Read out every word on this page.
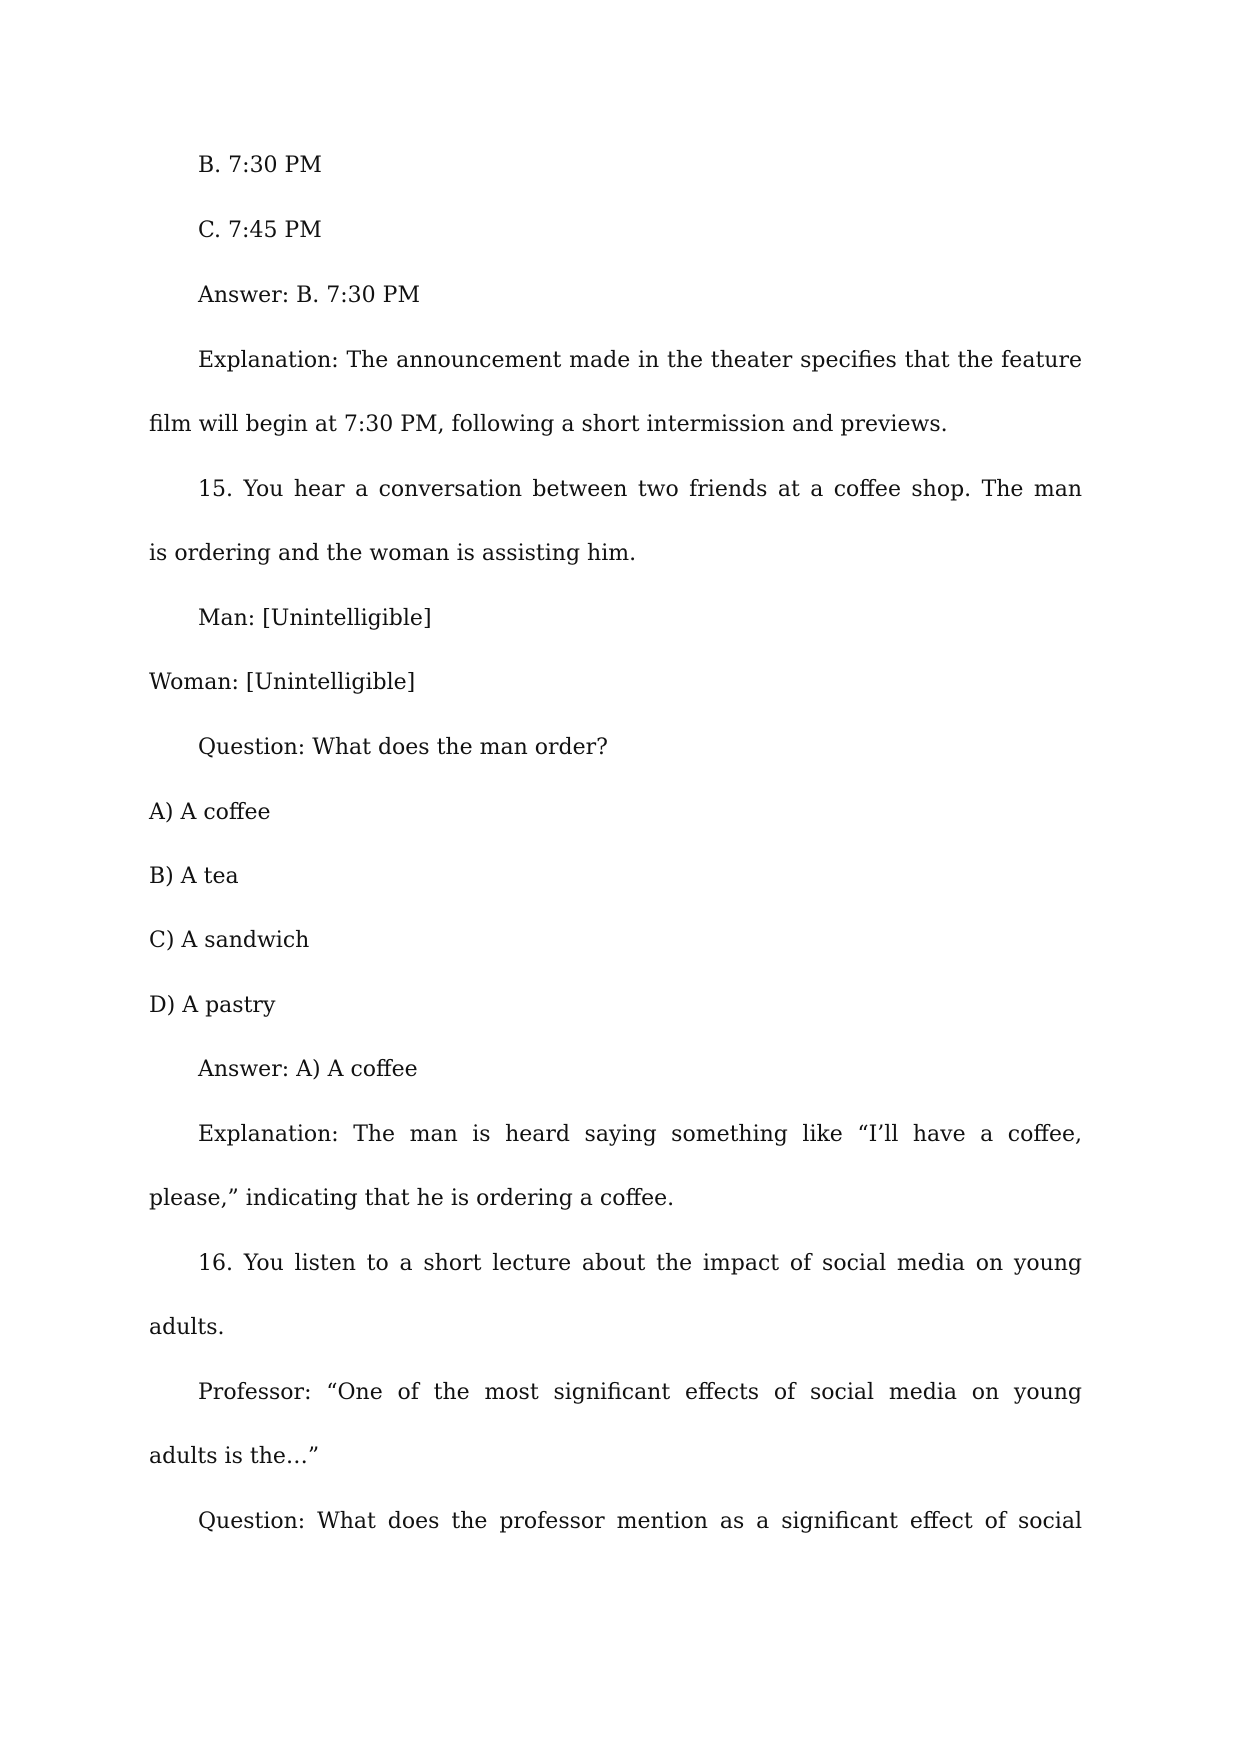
B. 7:30 PM
C. 7:45 PM
Answer: B. 7:30 PM
Explanation: The announcement made in the theater specifies that the feature
film will begin at 7:30 PM, following a short intermission and previews.
15. You hear a conversation between two friends at a coffee shop. The man
is ordering and the woman is assisting him.
Man: [Unintelligible]
Woman: [Unintelligible]
Question: What does the man order?
A) A coffee
B) A tea
C) A sandwich
D) A pastry
Answer: A) A coffee
Explanation: The man is heard saying something like “I’ll have a coffee,
please,” indicating that he is ordering a coffee.
16. You listen to a short lecture about the impact of social media on young
adults.
Professor: “One of the most significant effects of social media on young
adults is the…”
Question: What does the professor mention as a significant effect of social
